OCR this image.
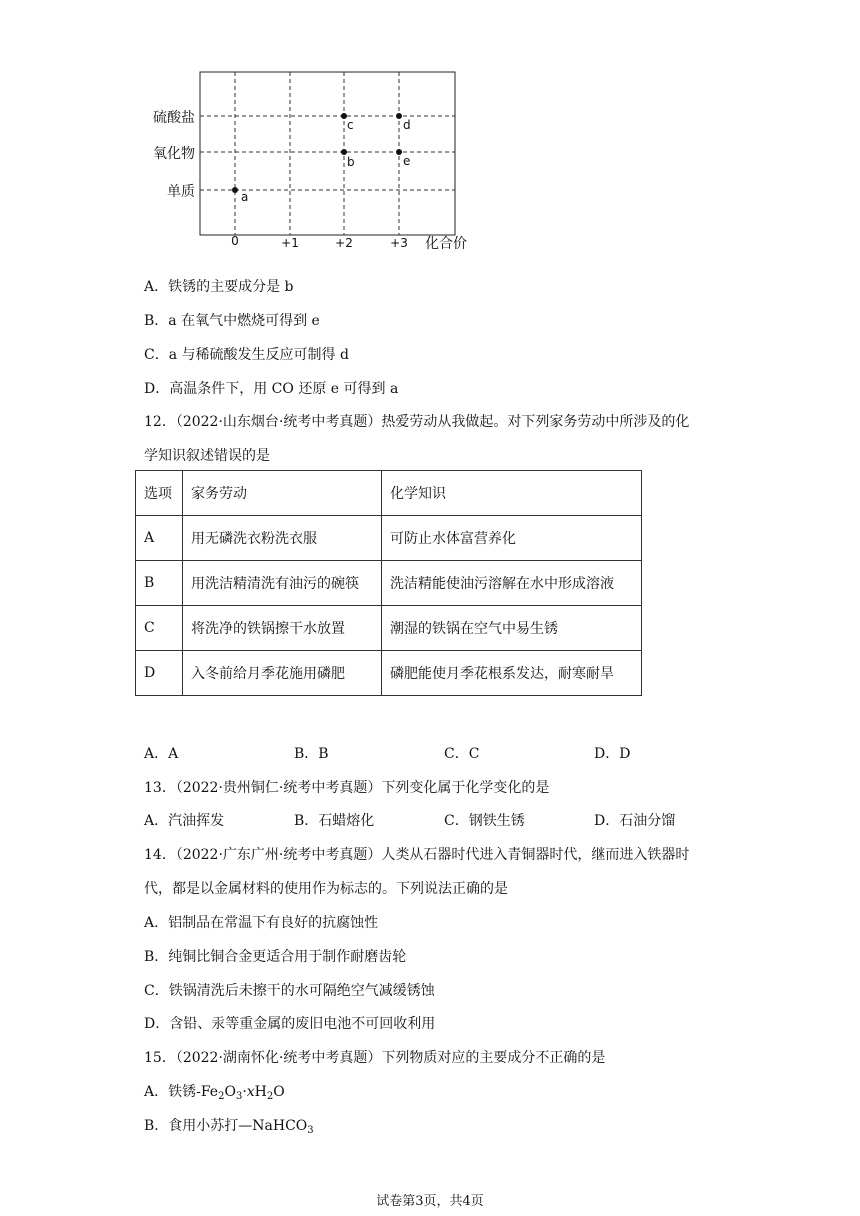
硫酸盐
氧化物
单质
0	+1	+2	+3 化合价
a
b
c	d
e
A．铁锈的主要成分是 b
B．a 在氧气中燃烧可得到 e
C．a 与稀硫酸发生反应可制得 d
D．高温条件下，用 CO 还原 e 可得到 a
12．（2022·山东烟台·统考中考真题）热爱劳动从我做起。对下列家务劳动中所涉及的化
学知识叙述错误的是
选项	家务劳动	化学知识
A	用无磷洗衣粉洗衣服	可防止水体富营养化
B	用洗洁精清洗有油污的碗筷	洗洁精能使油污溶解在水中形成溶液
C	将洗净的铁锅擦干水放置	潮湿的铁锅在空气中易生锈
D	入冬前给月季花施用磷肥	磷肥能使月季花根系发达，耐寒耐旱
A．A	B．B	C．C	D．D
13．（2022·贵州铜仁·统考中考真题）下列变化属于化学变化的是
A．汽油挥发	B．石蜡熔化	C．钢铁生锈	D．石油分馏
14．（2022·广东广州·统考中考真题）人类从石器时代进入青铜器时代，继而进入铁器时
代，都是以金属材料的使用作为标志的。下列说法正确的是
A．铝制品在常温下有良好的抗腐蚀性
B．纯铜比铜合金更适合用于制作耐磨齿轮
C．铁锅清洗后未擦干的水可隔绝空气减缓锈蚀
D．含铅、汞等重金属的废旧电池不可回收利用
15．（2022·湖南怀化·统考中考真题）下列物质对应的主要成分不正确的是
A．铁锈$-Fe_2O_3\cdot xH_2O$
B．食用小苏打—NaHCO$_3$
试卷第3页，共4页
